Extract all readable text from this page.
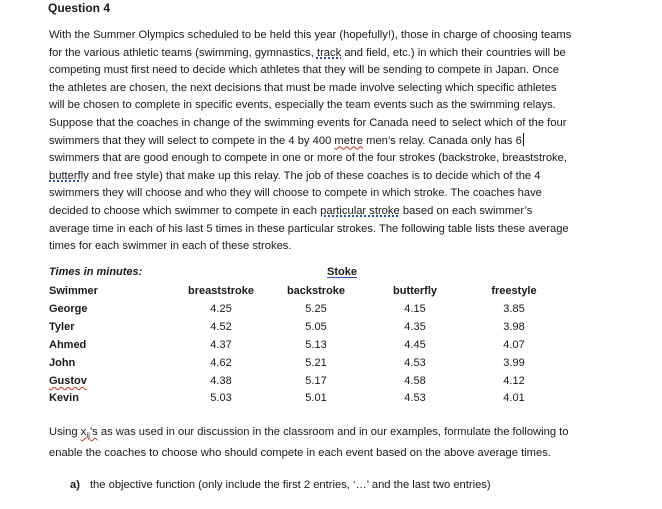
Question 4
With the Summer Olympics scheduled to be held this year (hopefully!), those in charge of choosing teams
for the various athletic teams (swimming, gymnastics, track and field, etc.) in which their countries will be
competing must first need to decide which athletes that they will be sending to compete in Japan. Once
the athletes are chosen, the next decisions that must be made involve selecting which specific athletes
will be chosen to complete in specific events, especially the team events such as the swimming relays.
Suppose that the coaches in change of the swimming events for Canada need to select which of the four
swimmers that they will select to compete in the 4 by 400 metre men’s relay. Canada only has 6
swimmers that are good enough to compete in one or more of the four strokes (backstroke, breaststroke,
butterfly and free style) that make up this relay. The job of these coaches is to decide which of the 4
swimmers they will choose and who they will choose to compete in which stroke. The coaches have
decided to choose which swimmer to compete in each particular stroke based on each swimmer’s
average time in each of his last 5 times in these particular strokes. The following table lists these average
times for each swimmer in each of these strokes.
Times in minutes:	Stoke
Swimmer	breaststroke	backstroke	butterfly	freestyle
George	4.25	5.25	4.15	3.85
Tyler	4.52	5.05	4.35	3.98
Ahmed	4.37	5.13	4.45	4.07
John	4.62	5.21	4.53	3.99
Gustov	4.38	5.17	4.58	4.12
Kevin	5.03	5.01	4.53	4.01
Using $x_{ij}’s$ as was used in our discussion in the classroom and in our examples, formulate the following to
enable the coaches to choose who should compete in each event based on the above average times.
a) the objective function (only include the first 2 entries, ‘…’ and the last two entries)
